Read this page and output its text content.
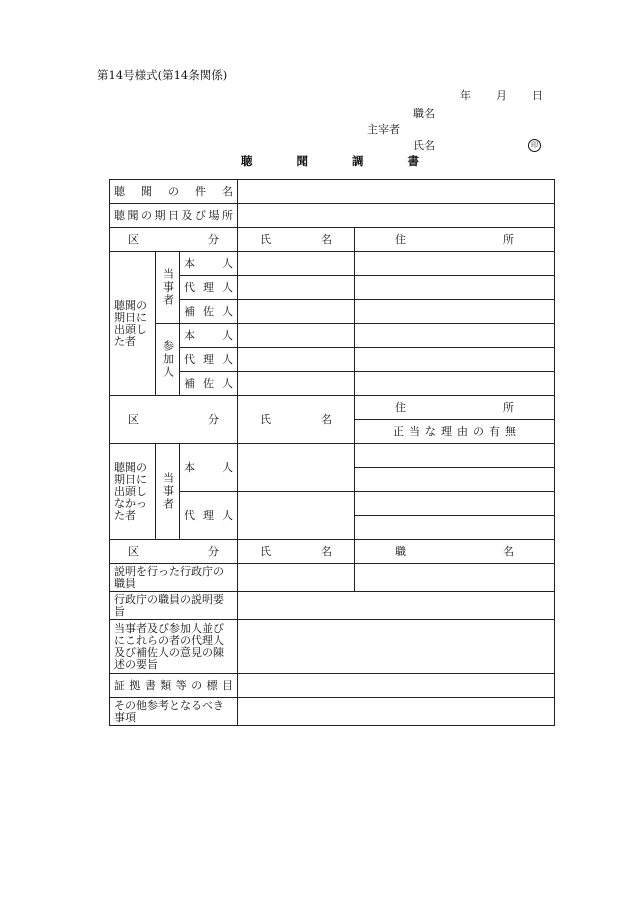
第14号様式(第14条関係)
年 月 日
職名
主宰者
氏名	印
聴	聞	調	書
聴 聞 の 件 名				
聴聞の期日及び場所				
区　　分			氏　　名	住　　所
聴聞の期日に出頭した者	当事者	本　人		
		代理人		
		補佐人		
	参加人	本　人		
		代理人		
		補佐人		
区　　分			氏　　名	住　　所
				正当な理由の有無
聴聞の期日に出頭しなかった者	当事者	本　人		

		代理人		

区　　分			氏　　名	職　　名
説明を行った行政庁の職員				
行政庁の職員の説明要旨				
当事者及び参加人並びにこれらの者の代理人及び補佐人の意見の陳述の要旨				
証 拠 書 類 等 の 標 目				
その他参考となるべき事項				
